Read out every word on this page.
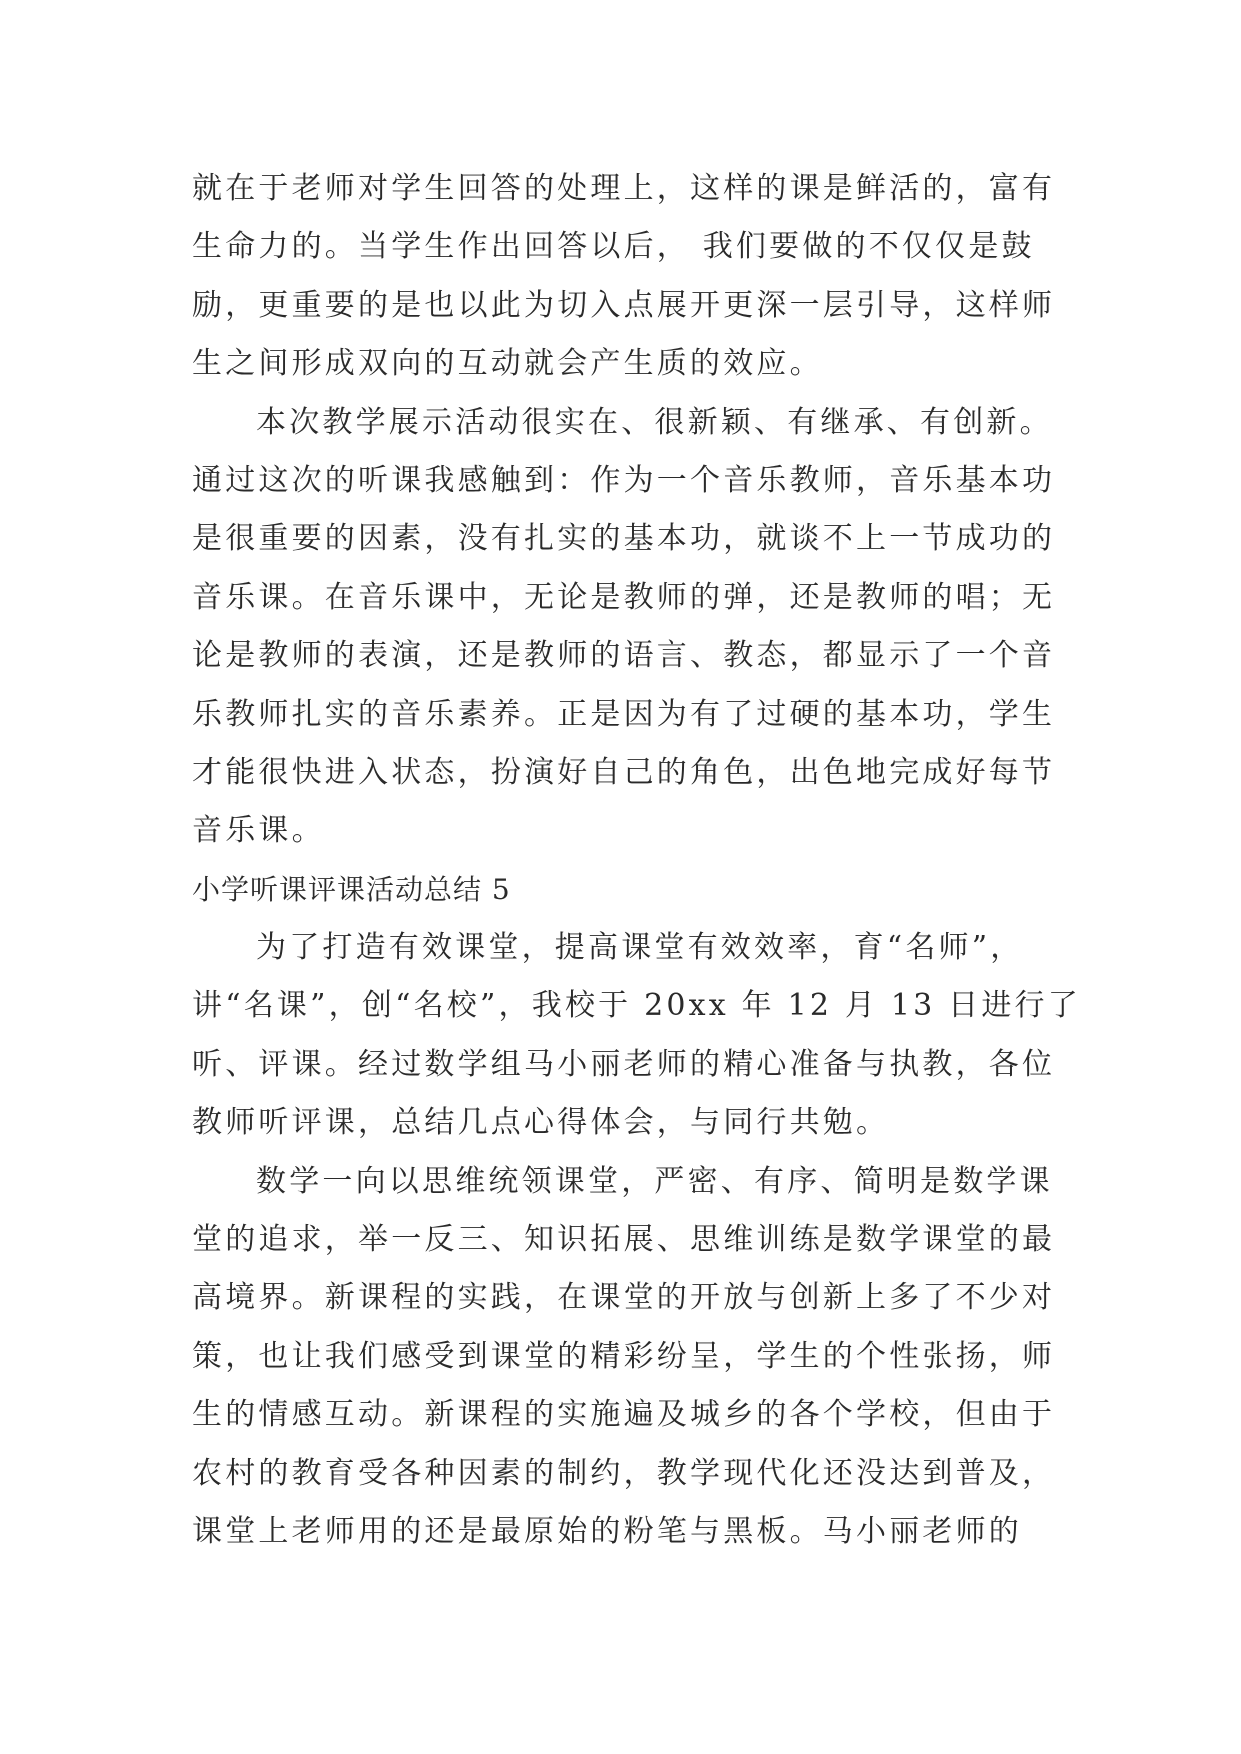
就在于老师对学生回答的处理上，这样的课是鲜活的，富有
生命力的。当学生作出回答以后， 我们要做的不仅仅是鼓
励，更重要的是也以此为切入点展开更深一层引导，这样师
生之间形成双向的互动就会产生质的效应。
本次教学展示活动很实在、很新颖、有继承、有创新。
通过这次的听课我感触到：作为一个音乐教师，音乐基本功
是很重要的因素，没有扎实的基本功，就谈不上一节成功的
音乐课。在音乐课中，无论是教师的弹，还是教师的唱；无
论是教师的表演，还是教师的语言、教态，都显示了一个音
乐教师扎实的音乐素养。正是因为有了过硬的基本功，学生
才能很快进入状态，扮演好自己的角色，出色地完成好每节
音乐课。
小学听课评课活动总结 5
为了打造有效课堂，提高课堂有效效率，育“名师”，
讲“名课”，创“名校”，我校于 20xx 年 12 月 13 日进行了
听、评课。经过数学组马小丽老师的精心准备与执教，各位
教师听评课，总结几点心得体会，与同行共勉。
数学一向以思维统领课堂，严密、有序、简明是数学课
堂的追求，举一反三、知识拓展、思维训练是数学课堂的最
高境界。新课程的实践，在课堂的开放与创新上多了不少对
策，也让我们感受到课堂的精彩纷呈，学生的个性张扬，师
生的情感互动。新课程的实施遍及城乡的各个学校，但由于
农村的教育受各种因素的制约，教学现代化还没达到普及，
课堂上老师用的还是最原始的粉笔与黑板。马小丽老师的
